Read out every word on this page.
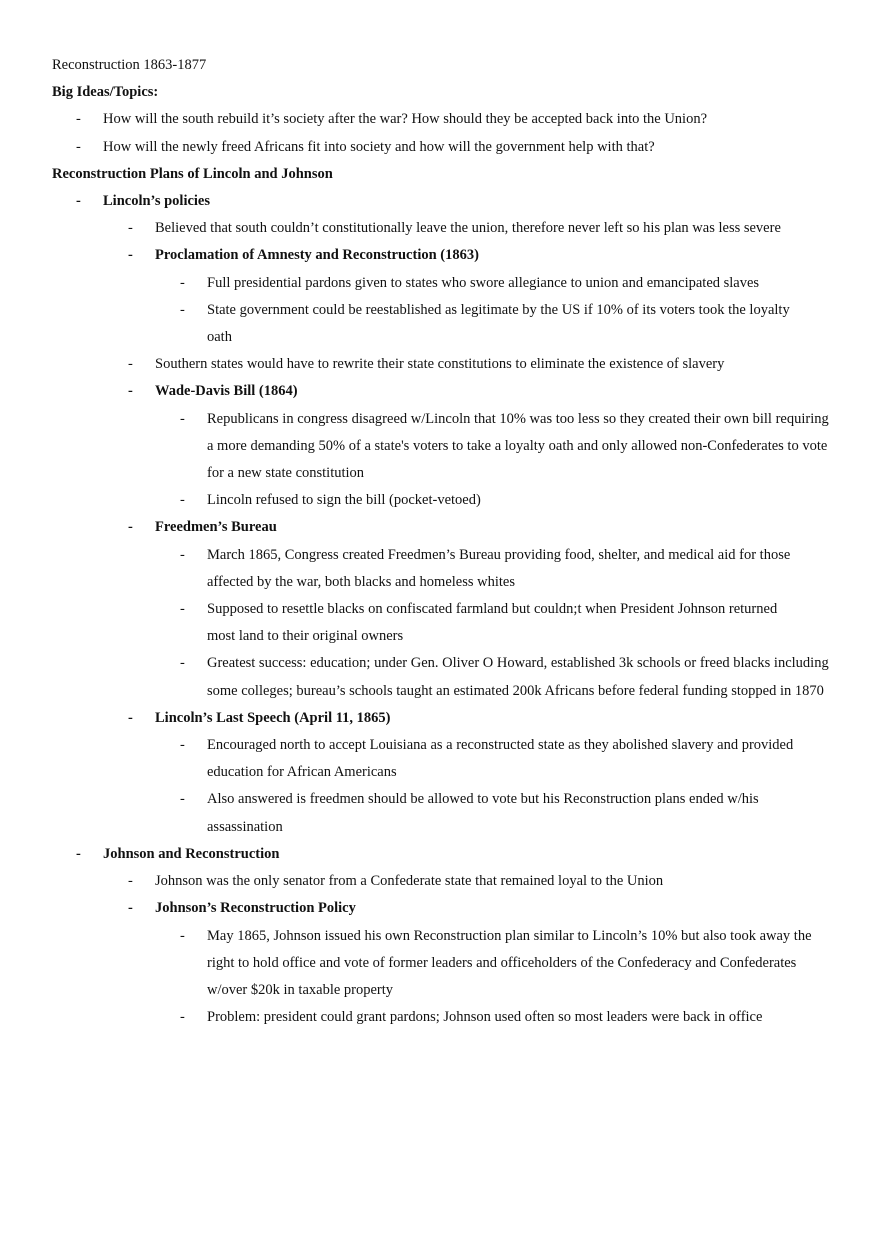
Reconstruction 1863-1877
Big Ideas/Topics:
-	How will the south rebuild it’s society after the war? How should they be accepted back into the Union?
-	How will the newly freed Africans fit into society and how will the government help with that?
Reconstruction Plans of Lincoln and Johnson
-	Lincoln’s policies
-	Believed that south couldn’t constitutionally leave the union, therefore never left so his plan was less severe
-	Proclamation of Amnesty and Reconstruction (1863)
-	Full presidential pardons given to states who swore allegiance to union and emancipated slaves
-	State government could be reestablished as legitimate by the US if 10% of its voters took the loyalty oath
-	Southern states would have to rewrite their state constitutions to eliminate the existence of slavery
-	Wade-Davis Bill (1864)
-	Republicans in congress disagreed w/Lincoln that 10% was too less so they created their own bill requiring a more demanding 50% of a state's voters to take a loyalty oath and only allowed non-Confederates to vote for a new state constitution
-	Lincoln refused to sign the bill (pocket-vetoed)
-	Freedmen’s Bureau
-	March 1865, Congress created Freedmen’s Bureau providing food, shelter, and medical aid for those affected by the war, both blacks and homeless whites
-	Supposed to resettle blacks on confiscated farmland but couldn;t when President Johnson returned most land to their original owners
-	Greatest success: education; under Gen. Oliver O Howard, established 3k schools or freed blacks including some colleges; bureau’s schools taught an estimated 200k Africans before federal funding stopped in 1870
-	Lincoln’s Last Speech (April 11, 1865)
-	Encouraged north to accept Louisiana as a reconstructed state as they abolished slavery and provided education for African Americans
-	Also answered is freedmen should be allowed to vote but his Reconstruction plans ended w/his assassination
-	Johnson and Reconstruction
-	Johnson was the only senator from a Confederate state that remained loyal to the Union
-	Johnson’s Reconstruction Policy
-	May 1865, Johnson issued his own Reconstruction plan similar to Lincoln’s 10% but also took away the right to hold office and vote of former leaders and officeholders of the Confederacy and Confederates w/over $20k in taxable property
-	Problem: president could grant pardons; Johnson used often so most leaders were back in office
